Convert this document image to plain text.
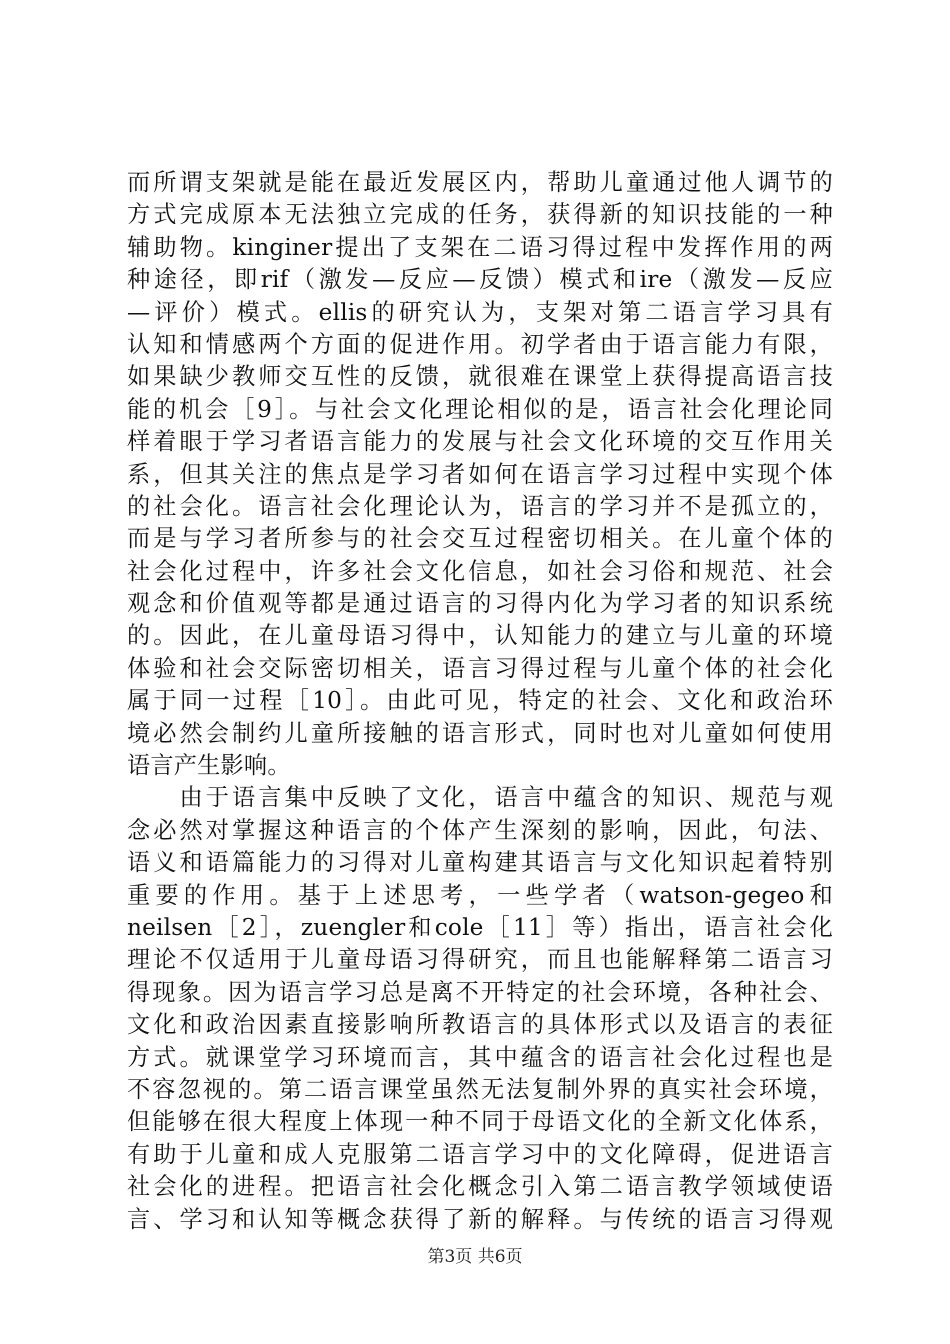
而所谓支架就是能在最近发展区内，帮助儿童通过他人调节的
方式完成原本无法独立完成的任务，获得新的知识技能的一种
辅助物。kinginer提出了支架在二语习得过程中发挥作用的两
种途径，即rif（激发—反应—反馈）模式和ire（激发—反应
—评价）模式。ellis的研究认为，支架对第二语言学习具有
认知和情感两个方面的促进作用。初学者由于语言能力有限，
如果缺少教师交互性的反馈，就很难在课堂上获得提高语言技
能的机会［9］。与社会文化理论相似的是，语言社会化理论同
样着眼于学习者语言能力的发展与社会文化环境的交互作用关
系，但其关注的焦点是学习者如何在语言学习过程中实现个体
的社会化。语言社会化理论认为，语言的学习并不是孤立的，
而是与学习者所参与的社会交互过程密切相关。在儿童个体的
社会化过程中，许多社会文化信息，如社会习俗和规范、社会
观念和价值观等都是通过语言的习得内化为学习者的知识系统
的。因此，在儿童母语习得中，认知能力的建立与儿童的环境
体验和社会交际密切相关，语言习得过程与儿童个体的社会化
属于同一过程［10］。由此可见，特定的社会、文化和政治环
境必然会制约儿童所接触的语言形式，同时也对儿童如何使用
语言产生影响。
　　由于语言集中反映了文化，语言中蕴含的知识、规范与观
念必然对掌握这种语言的个体产生深刻的影响，因此，句法、
语义和语篇能力的习得对儿童构建其语言与文化知识起着特别
重要的作用。基于上述思考，一些学者（watson-gegeo和
neilsen［2］，zuengler和cole［11］等）指出，语言社会化
理论不仅适用于儿童母语习得研究，而且也能解释第二语言习
得现象。因为语言学习总是离不开特定的社会环境，各种社会、
文化和政治因素直接影响所教语言的具体形式以及语言的表征
方式。就课堂学习环境而言，其中蕴含的语言社会化过程也是
不容忽视的。第二语言课堂虽然无法复制外界的真实社会环境，
但能够在很大程度上体现一种不同于母语文化的全新文化体系，
有助于儿童和成人克服第二语言学习中的文化障碍，促进语言
社会化的进程。把语言社会化概念引入第二语言教学领域使语
言、学习和认知等概念获得了新的解释。与传统的语言习得观
第3页 共6页
